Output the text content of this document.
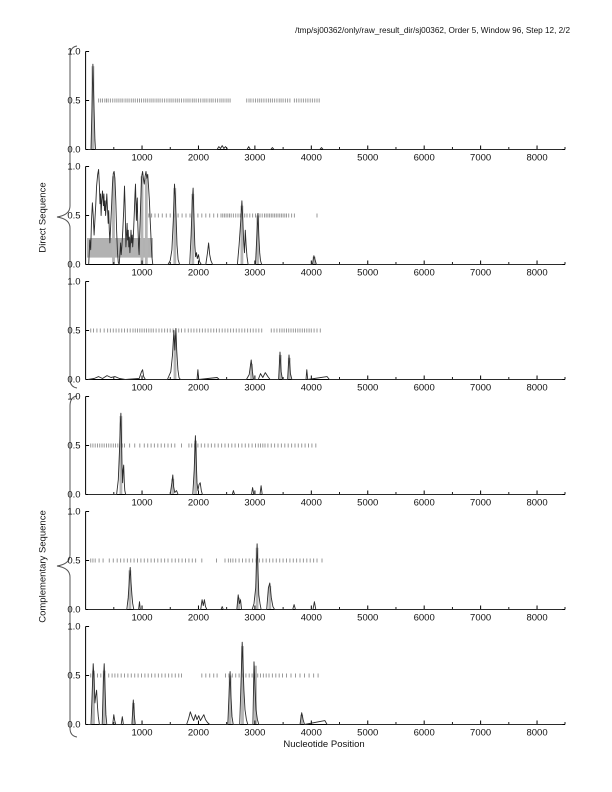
/tmp/sj00362/only/raw_result_dir/sj00362, Order 5, Window 96, Step 12, 2/2
Direct Sequence
Complementary Sequence
1000	2000	3000	4000	5000	6000	7000	8000
0.0
0.5
1.0
1000	2000	3000	4000	5000	6000	7000	8000
0.0
0.5
1.0
1000	2000	3000	4000	5000	6000	7000	8000
0.0
0.5
1.0
1000	2000	3000	4000	5000	6000	7000	8000
0.0
0.5
1.0
1000	2000	3000	4000	5000	6000	7000	8000
0.0
0.5
1.0
1000	2000	3000	4000	5000	6000	7000	8000
0.0
0.5
1.0
Nucleotide Position
